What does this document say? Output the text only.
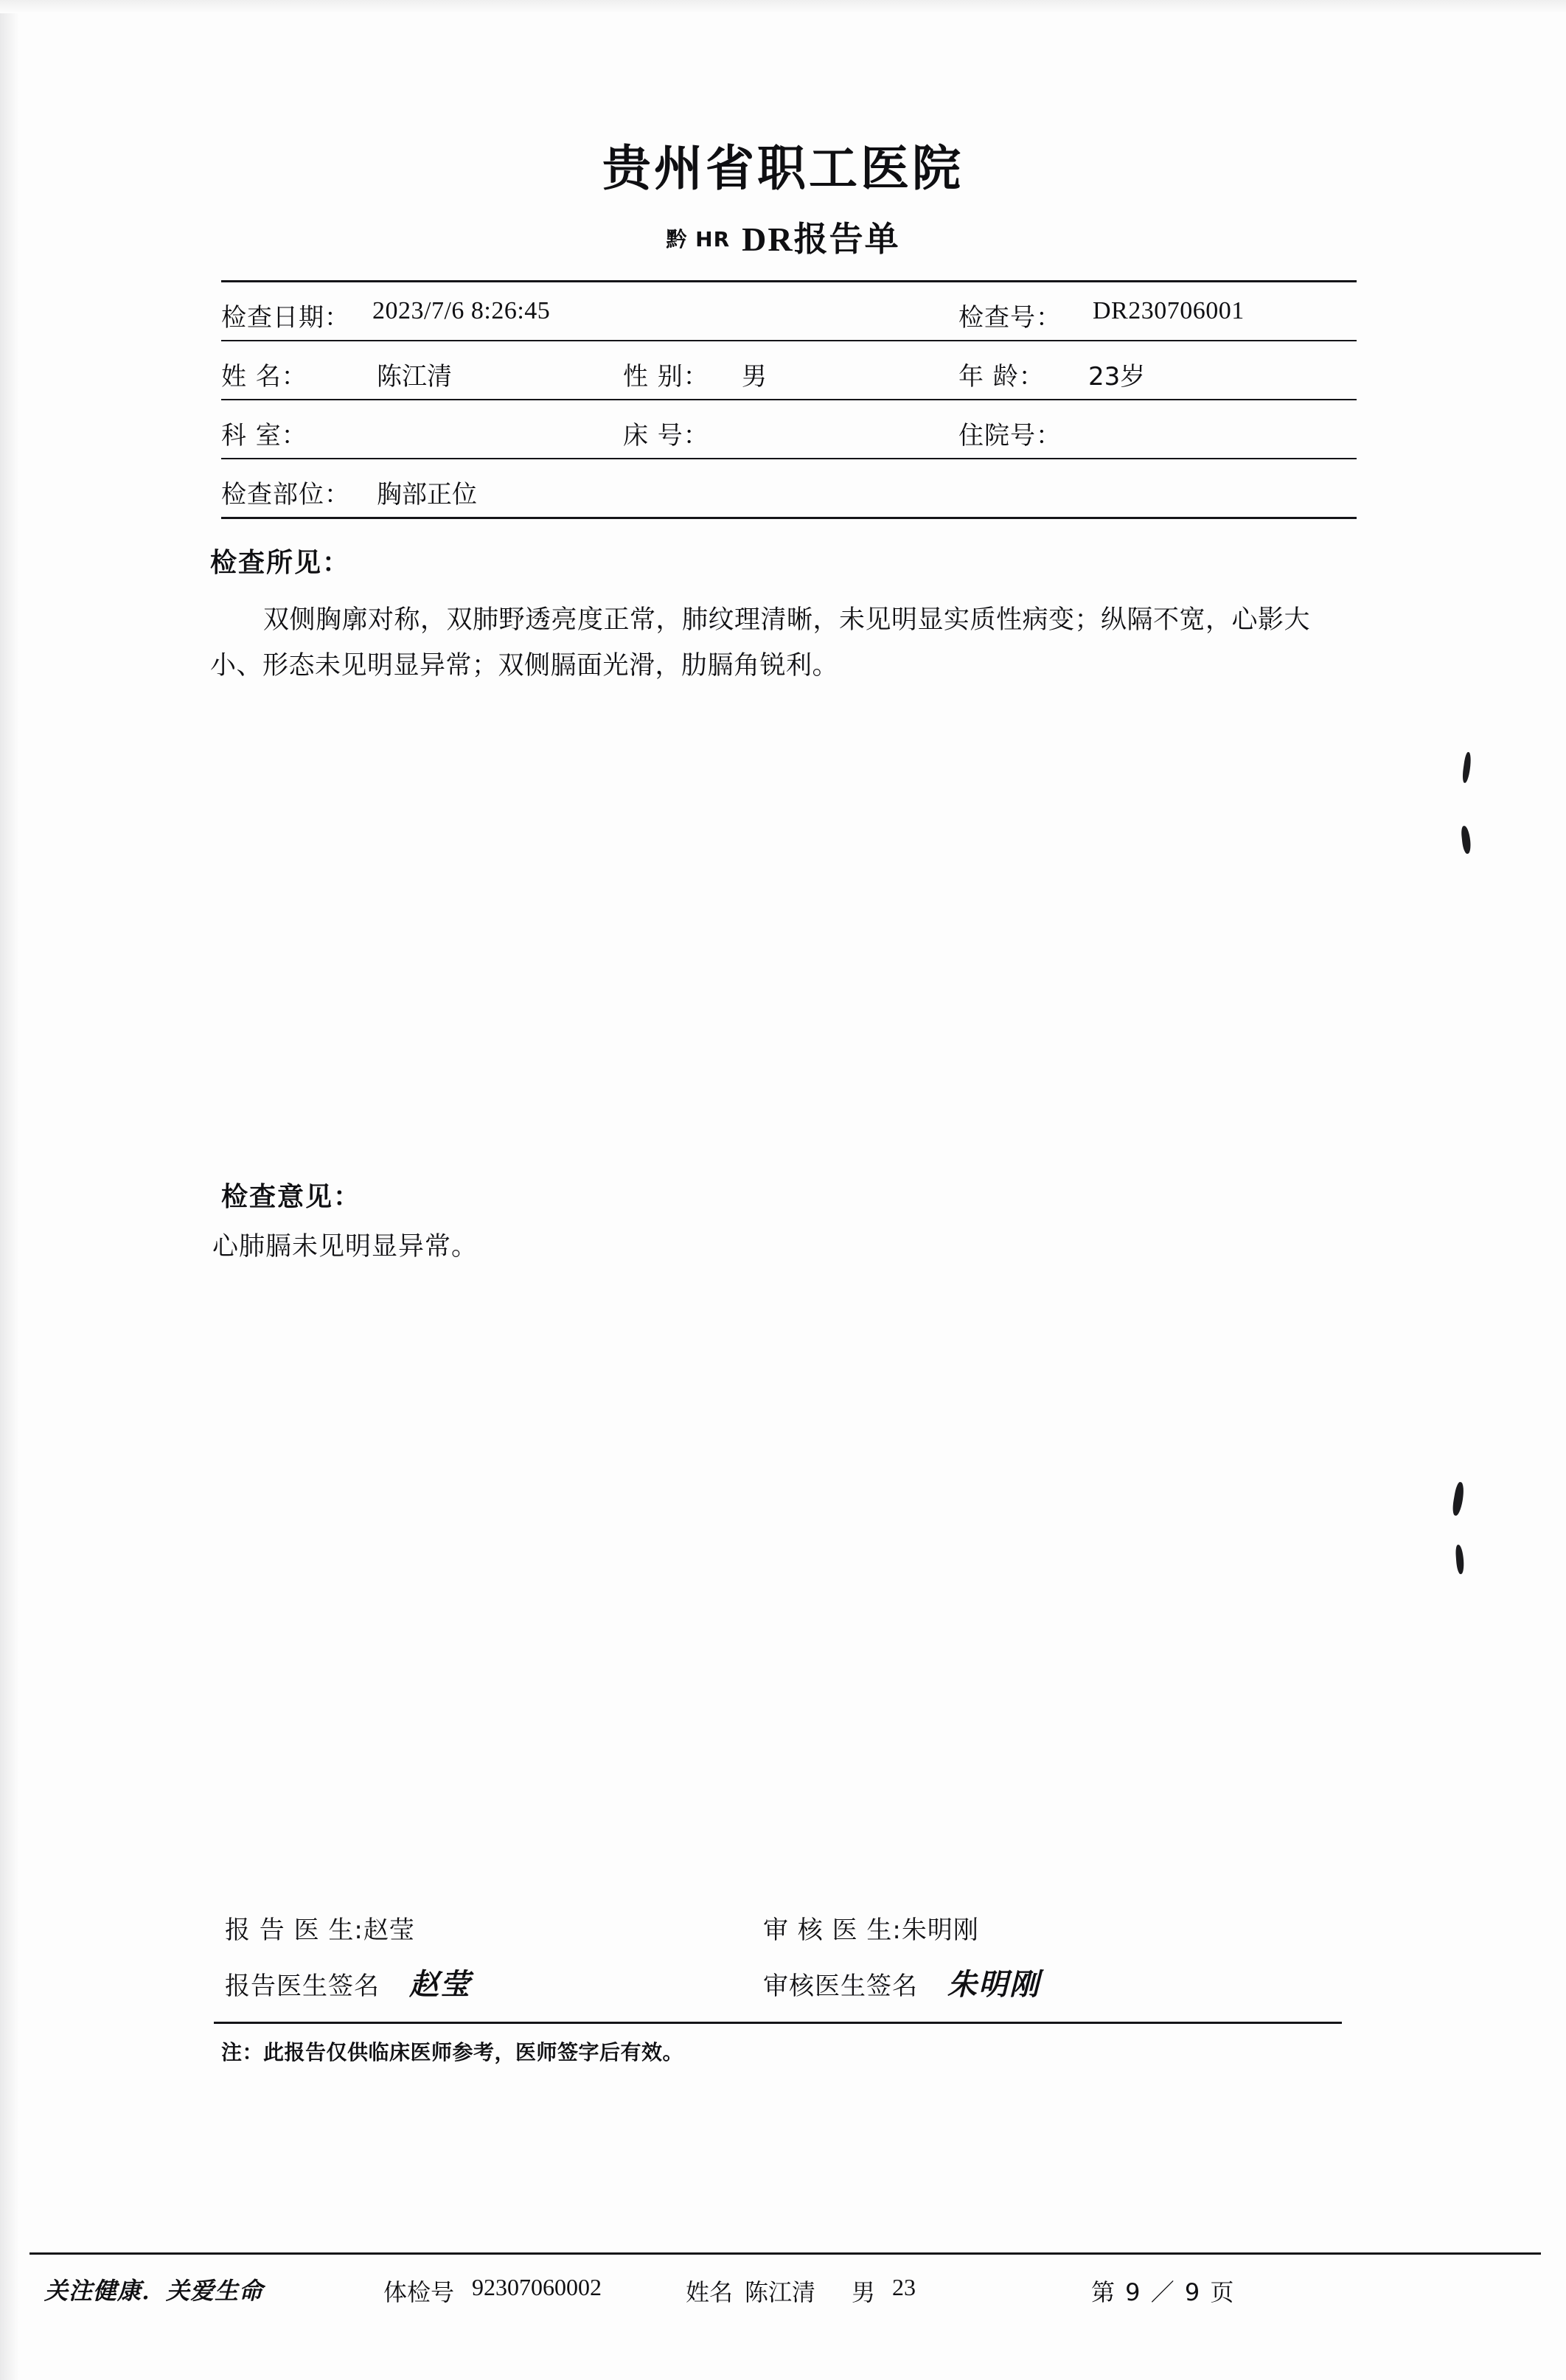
贵州省职工医院
黔 HR DR报告单
检查日期： 2023/7/6 8:26:45	检查号： DR230706001
姓 名：	陈江清	性 别： 男	年 龄： 23岁
科 室：	床 号：	住院号：
检查部位： 胸部正位
检查所见：
双侧胸廓对称，双肺野透亮度正常，肺纹理清晰，未见明显实质性病变；纵隔不宽，心影大小、形态未见明显异常；双侧膈面光滑，肋膈角锐利。
检查意见：
心肺膈未见明显异常。
报 告 医 生:赵莹	审 核 医 生:朱明刚
报告医生签名 赵莹	审核医生签名 朱明刚
注：此报告仅供临床医师参考，医师签字后有效。
关注健康．关爱生命	体检号 92307060002	姓名 陈江清 男 23	第 9 ／ 9 页
